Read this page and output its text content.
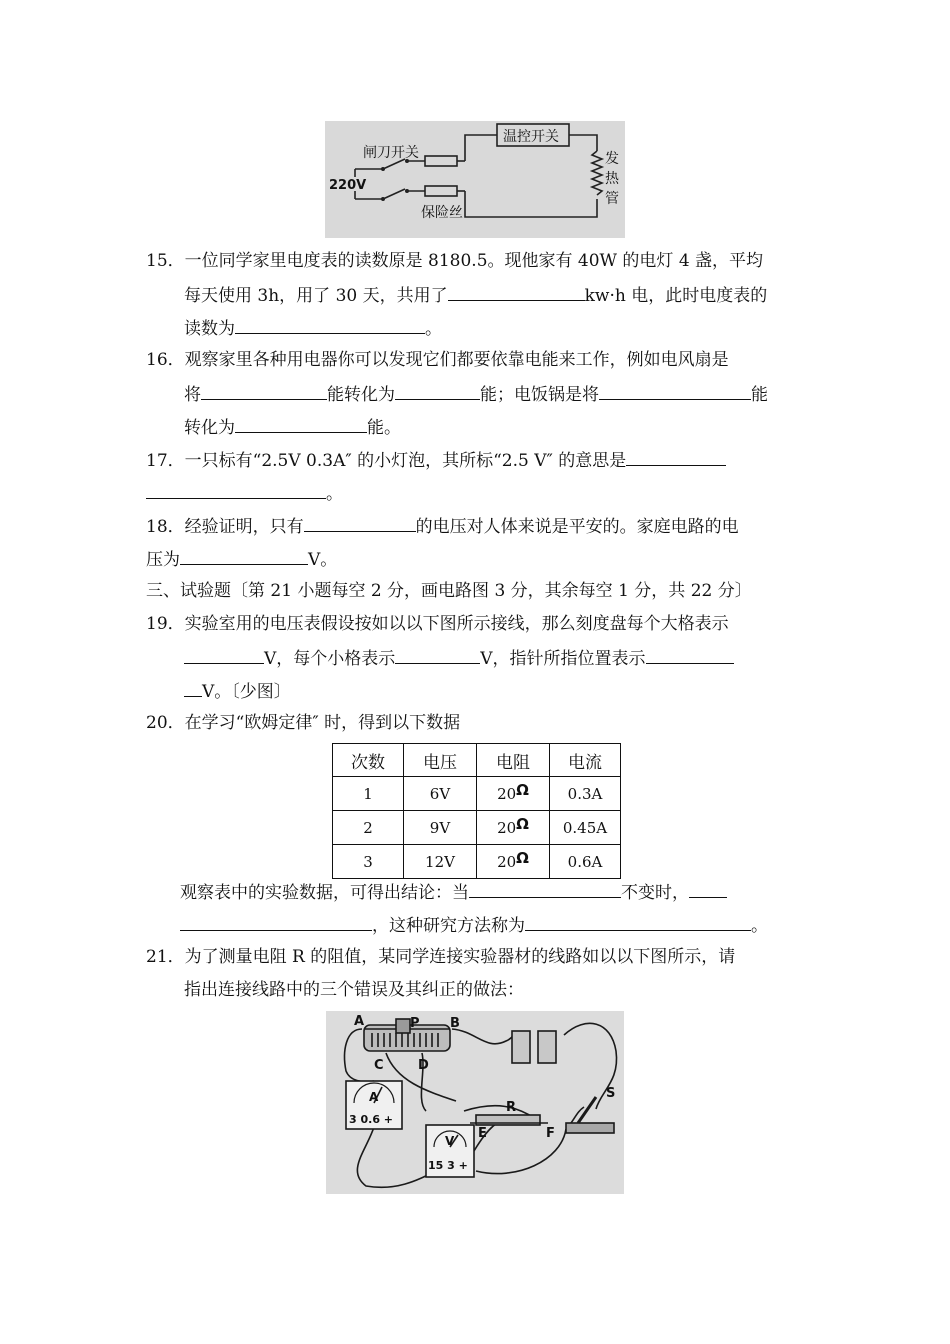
温控开关
闸刀开关
220V
保险丝
发
热
管
15．一位同学家里电度表的读数原是 8180.5。现他家有 40W 的电灯 4 盏，平均
每天使用 3h，用了 30 天，共用了	kw·h 电，此时电度表的
读数为	。
16．观察家里各种用电器你可以发现它们都要依靠电能来工作，例如电风扇是
将	能转化为	能；电饭锅是将	能
转化为	能。
17．一只标有“2.5V 0.3A″ 的小灯泡，其所标“2.5 V″ 的意思是
。
18．经验证明，只有	的电压对人体来说是平安的。家庭电路的电
压为	V。
三、试验题〔第 21 小题每空 2 分，画电路图 3 分，其余每空 1 分，共 22 分〕
19．实验室用的电压表假设按如以以下图所示接线，那么刻度盘每个大格表示
V，每个小格表示	V，指针所指位置表示
V。〔少图〕
20．在学习“欧姆定律″ 时，得到以下数据
次数	电压	电阻	电流
1	6V	20Ω	0.3A
2	9V	20Ω	0.45A
3	12V	20Ω	0.6A
观察表中的实验数据，可得出结论：当	不变时，
，这种研究方法称为	。
21．为了测量电阻 R 的阻值，某同学连接实验器材的线路如以以下图所示，请
指出连接线路中的三个错误及其纠正的做法：
A	P B
C	D
R
E	F
S
A
3 0.6 +
V
15 3 +
